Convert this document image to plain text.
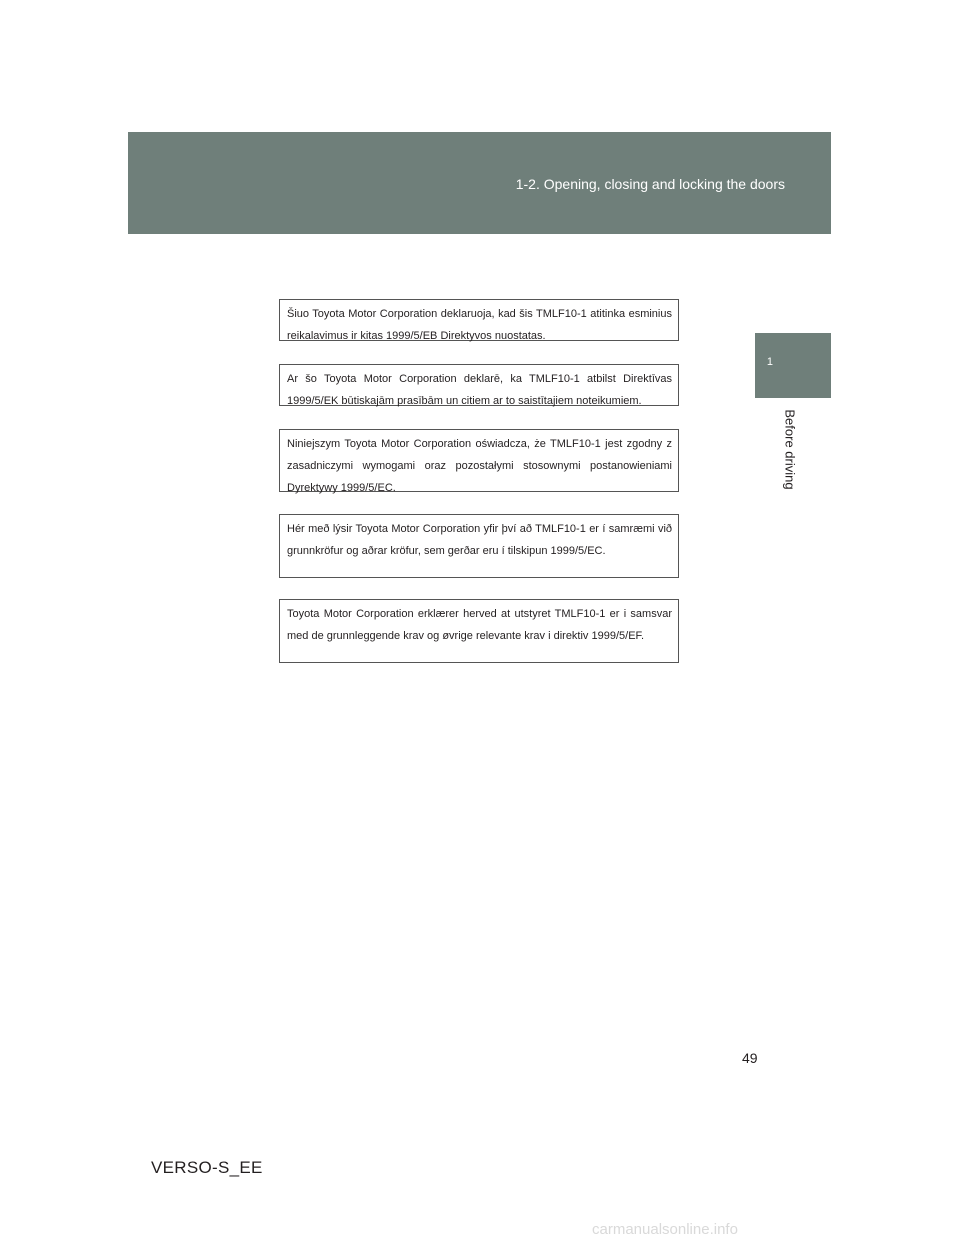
1-2. Opening, closing and locking the doors
1
Before driving
Šiuo Toyota Motor Corporation deklaruoja, kad šis TMLF10-1 atitinka esminius reikalavimus ir kitas 1999/5/EB Direktyvos nuostatas.
Ar šo Toyota Motor Corporation deklarē, ka TMLF10-1 atbilst Direktīvas 1999/5/EK būtiskajām prasībām un citiem ar to saistītajiem noteikumiem.
Niniejszym Toyota Motor Corporation oświadcza, że TMLF10-1 jest zgodny z zasadniczymi wymogami oraz pozostałymi stosownymi postanowieniami Dyrektywy 1999/5/EC.
Hér með lýsir Toyota Motor Corporation yfir því að TMLF10-1 er í samræmi við grunnkröfur og aðrar kröfur, sem gerðar eru í tilskipun 1999/5/EC.
Toyota Motor Corporation erklærer herved at utstyret TMLF10-1 er i samsvar med de grunnleggende krav og øvrige relevante krav i direktiv 1999/5/EF.
49
VERSO-S_EE
carmanualsonline.info
